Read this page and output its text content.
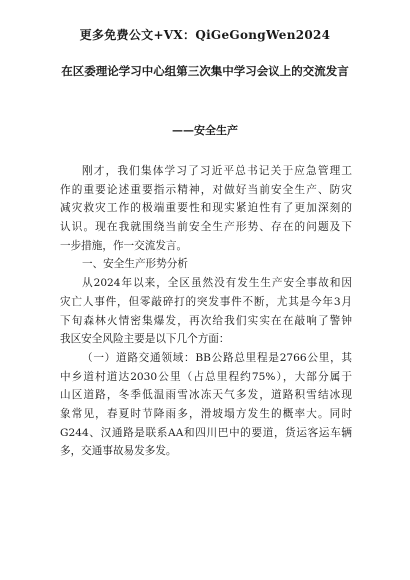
更多免费公文+VX：QiGeGongWen2024
在区委理论学习中心组第三次集中学习会议上的交流发言
——安全生产
刚才，我们集体学习了习近平总书记关于应急管理工
作的重要论述重要指示精神，对做好当前安全生产、防灾
减灾救灾工作的极端重要性和现实紧迫性有了更加深刻的
认识。现在我就围绕当前安全生产形势、存在的问题及下
一步措施，作一交流发言。
一、安全生产形势分析
从2024年以来，全区虽然没有发生生产安全事故和因
灾亡人事件，但零敲碎打的突发事件不断，尤其是今年3月
下旬森林火情密集爆发，再次给我们实实在在敲响了警钟
我区安全风险主要是以下几个方面：
（一）道路交通领域：BB公路总里程是2766公里，其
中乡道村道达2030公里（占总里程约75%），大部分属于
山区道路，冬季低温雨雪冰冻天气多发，道路积雪结冰现
象常见，春夏时节降雨多，滑坡塌方发生的概率大。同时
G244、汉通路是联系AA和四川巴中的要道，货运客运车辆
多，交通事故易发多发。
